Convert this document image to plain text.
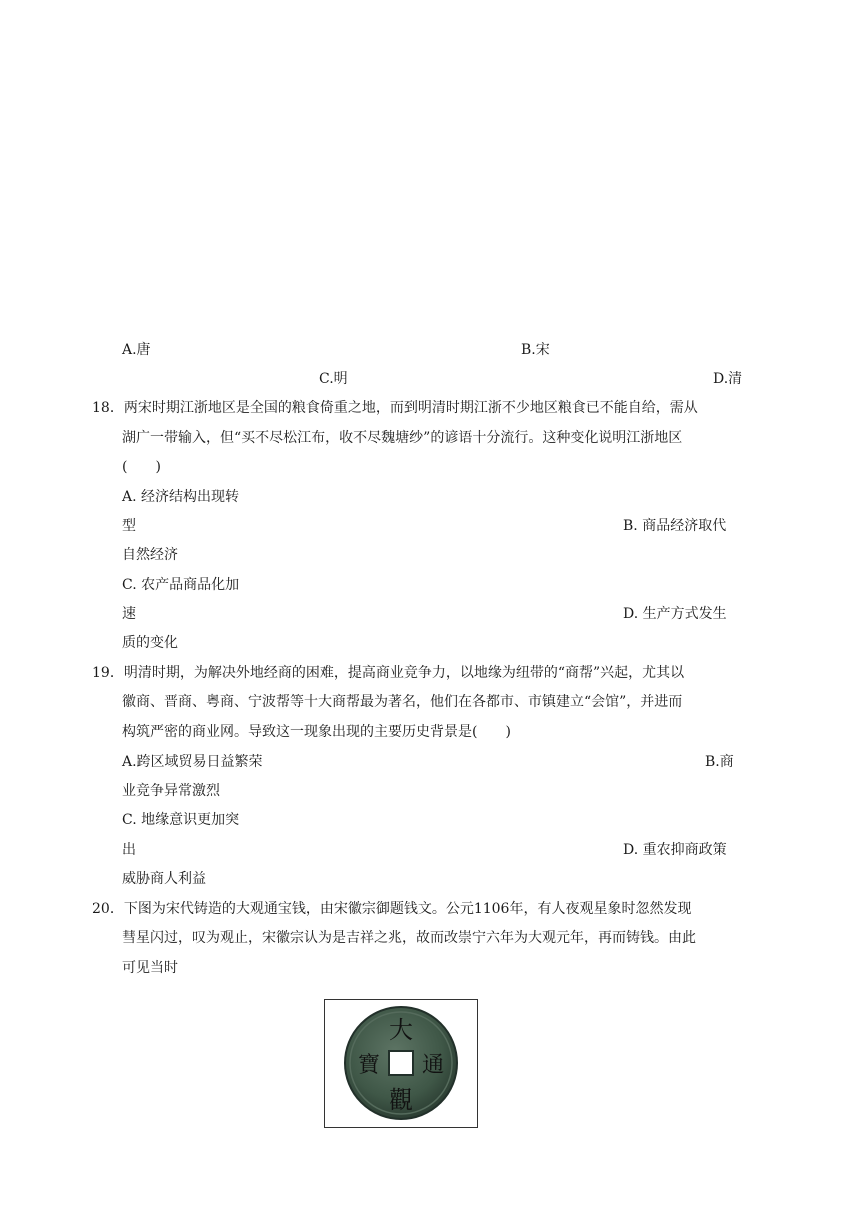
A.唐	B.宋
C.明	D.清
18．两宋时期江浙地区是全国的粮食倚重之地，而到明清时期江浙不少地区粮食已不能自给，需从
湖广一带输入，但“买不尽松江布，收不尽魏塘纱”的谚语十分流行。这种变化说明江浙地区
(　　)
A. 经济结构出现转
型	B. 商品经济取代
自然经济
C. 农产品商品化加
速	D. 生产方式发生
质的变化
19．明清时期，为解决外地经商的困难，提高商业竞争力，以地缘为纽带的“商帮”兴起，尤其以
徽商、晋商、粤商、宁波帮等十大商帮最为著名，他们在各都市、市镇建立“会馆”，并进而
构筑严密的商业网。导致这一现象出现的主要历史背景是(　　)
A.跨区域贸易日益繁荣	B.商
业竞争异常激烈
C. 地缘意识更加突
出	D. 重农抑商政策
威胁商人利益
20．下图为宋代铸造的大观通宝钱，由宋徽宗御题钱文。公元1106年，有人夜观星象时忽然发现
彗星闪过，叹为观止，宋徽宗认为是吉祥之兆，故而改崇宁六年为大观元年，再而铸钱。由此
可见当时
大
通
觀
寶
